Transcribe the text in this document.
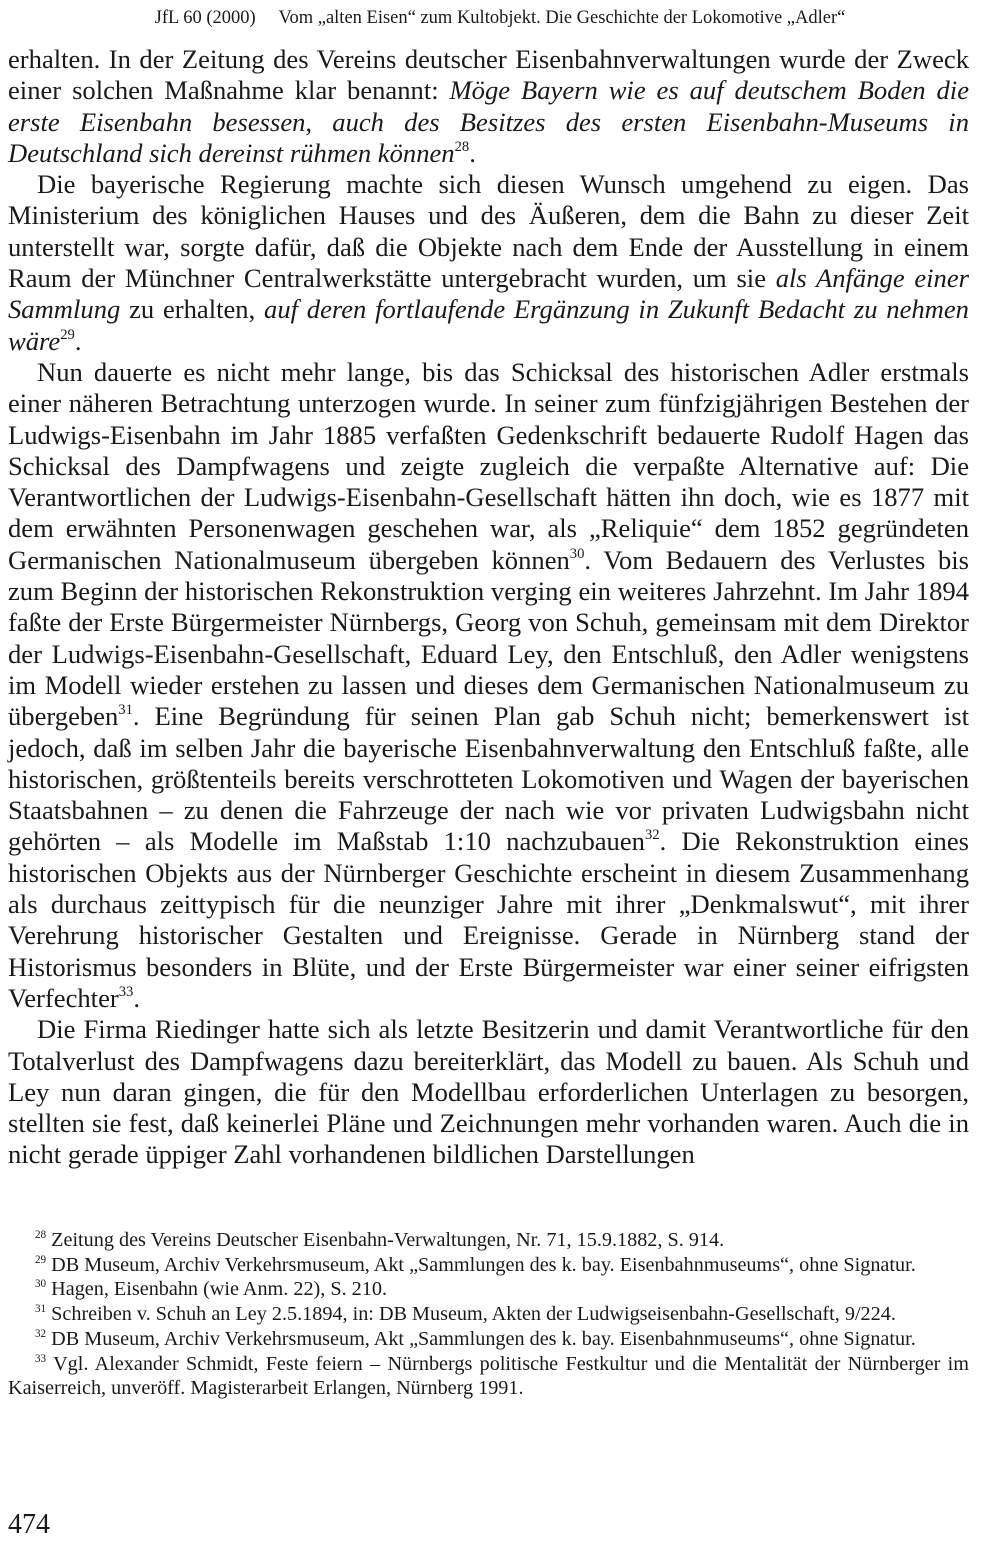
JfL 60 (2000)     Vom „alten Eisen“ zum Kultobjekt. Die Geschichte der Lokomotive „Adler“

erhalten. In der Zeitung des Vereins deutscher Eisenbahnverwaltungen wurde der Zweck einer solchen Maßnahme klar benannt: Möge Bayern wie es auf deutschem Boden die erste Eisenbahn besessen, auch des Besitzes des ersten Eisenbahn-Museums in Deutschland sich dereinst rühmen können$^{28}$.

Die bayerische Regierung machte sich diesen Wunsch umgehend zu eigen. Das Ministerium des königlichen Hauses und des Äußeren, dem die Bahn zu dieser Zeit unterstellt war, sorgte dafür, daß die Objekte nach dem Ende der Ausstellung in einem Raum der Münchner Centralwerkstätte untergebracht wurden, um sie als Anfänge einer Sammlung zu erhalten, auf deren fortlaufende Ergänzung in Zukunft Bedacht zu nehmen wäre$^{29}$.

Nun dauerte es nicht mehr lange, bis das Schicksal des historischen Adler erstmals einer näheren Betrachtung unterzogen wurde. In seiner zum fünfzigjährigen Bestehen der Ludwigs-Eisenbahn im Jahr 1885 verfaßten Gedenkschrift bedauerte Rudolf Hagen das Schicksal des Dampfwagens und zeigte zugleich die verpaßte Alternative auf: Die Verantwortlichen der Ludwigs-Eisenbahn-Gesellschaft hätten ihn doch, wie es 1877 mit dem erwähnten Personenwagen geschehen war, als „Reliquie“ dem 1852 gegründeten Germanischen Nationalmuseum übergeben können$^{30}$. Vom Bedauern des Verlustes bis zum Beginn der historischen Rekonstruktion verging ein weiteres Jahrzehnt. Im Jahr 1894 faßte der Erste Bürgermeister Nürnbergs, Georg von Schuh, gemeinsam mit dem Direktor der Ludwigs-Eisenbahn-Gesellschaft, Eduard Ley, den Entschluß, den Adler wenigstens im Modell wieder erstehen zu lassen und dieses dem Germanischen Nationalmuseum zu übergeben$^{31}$. Eine Begründung für seinen Plan gab Schuh nicht; bemerkenswert ist jedoch, daß im selben Jahr die bayerische Eisenbahnverwaltung den Entschluß faßte, alle historischen, größtenteils bereits verschrotteten Lokomotiven und Wagen der bayerischen Staatsbahnen – zu denen die Fahrzeuge der nach wie vor privaten Ludwigsbahn nicht gehörten – als Modelle im Maßstab 1:10 nachzubauen$^{32}$. Die Rekonstruktion eines historischen Objekts aus der Nürnberger Geschichte erscheint in diesem Zusammenhang als durchaus zeittypisch für die neunziger Jahre mit ihrer „Denkmalswut“, mit ihrer Verehrung historischer Gestalten und Ereignisse. Gerade in Nürnberg stand der Historismus besonders in Blüte, und der Erste Bürgermeister war einer seiner eifrigsten Verfechter$^{33}$.

Die Firma Riedinger hatte sich als letzte Besitzerin und damit Verantwortliche für den Totalverlust des Dampfwagens dazu bereiterklärt, das Modell zu bauen. Als Schuh und Ley nun daran gingen, die für den Modellbau erforderlichen Unterlagen zu besorgen, stellten sie fest, daß keinerlei Pläne und Zeichnungen mehr vorhanden waren. Auch die in nicht gerade üppiger Zahl vorhandenen bildlichen Darstellungen

$^{28}$ Zeitung des Vereins Deutscher Eisenbahn-Verwaltungen, Nr. 71, 15.9.1882, S. 914.

$^{29}$ DB Museum, Archiv Verkehrsmuseum, Akt „Sammlungen des k. bay. Eisenbahnmuseums“, ohne Signatur.

$^{30}$ Hagen, Eisenbahn (wie Anm. 22), S. 210.

$^{31}$ Schreiben v. Schuh an Ley 2.5.1894, in: DB Museum, Akten der Ludwigseisenbahn-Gesellschaft, 9/224.

$^{32}$ DB Museum, Archiv Verkehrsmuseum, Akt „Sammlungen des k. bay. Eisenbahnmuseums“, ohne Signatur.

$^{33}$ Vgl. Alexander Schmidt, Feste feiern – Nürnbergs politische Festkultur und die Mentalität der Nürnberger im Kaiserreich, unveröff. Magisterarbeit Erlangen, Nürnberg 1991.

474
